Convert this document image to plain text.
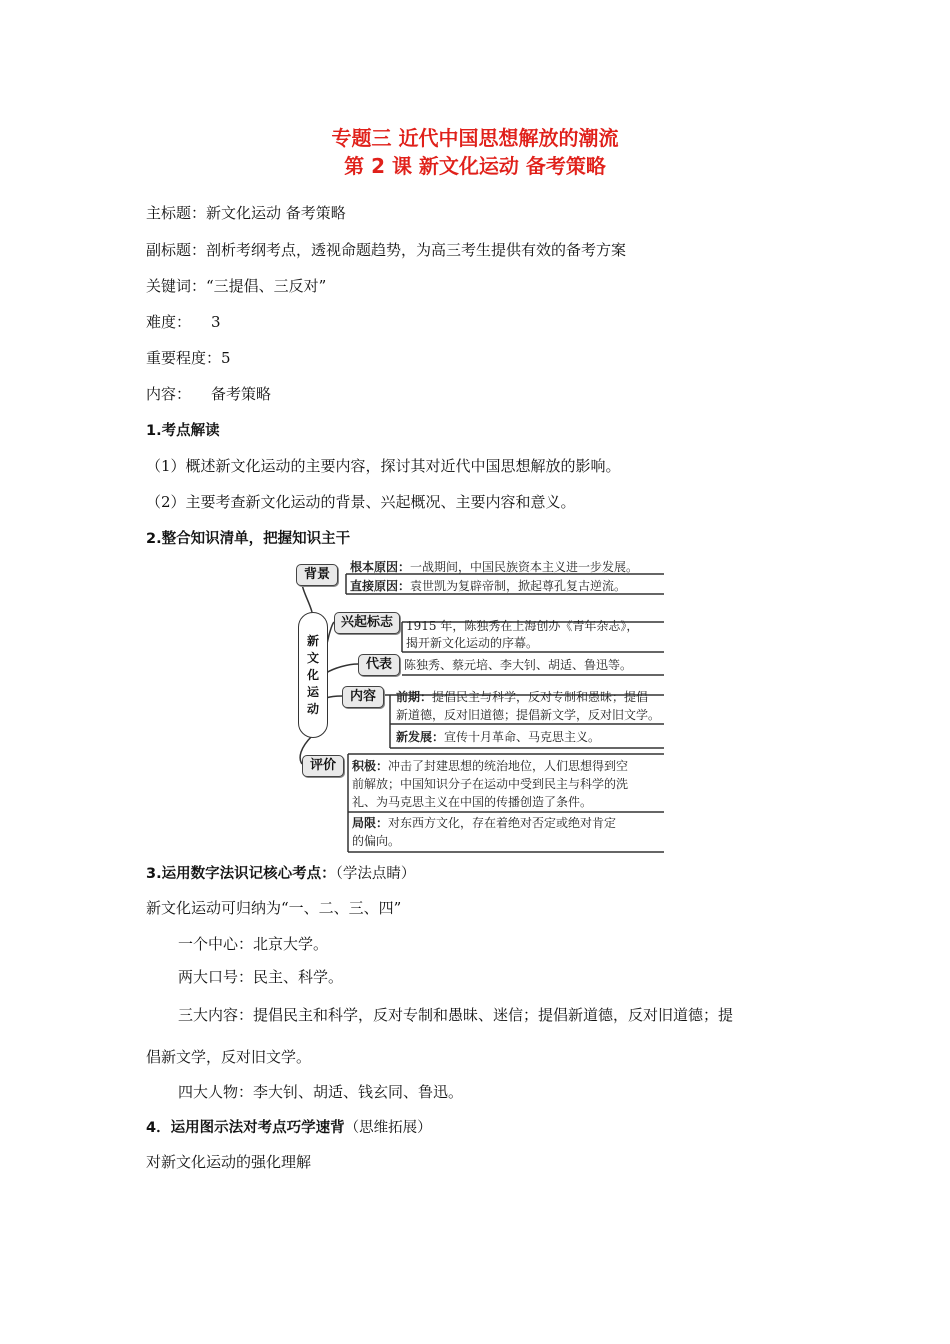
专题三 近代中国思想解放的潮流
第 2 课 新文化运动 备考策略
主标题：新文化运动 备考策略
副标题：剖析考纲考点，透视命题趋势，为高三考生提供有效的备考方案
关键词：“三提倡、三反对”
难度： 3
重要程度：5
内容： 备考策略
1.考点解读
（1）概述新文化运动的主要内容，探讨其对近代中国思想解放的影响。
（2）主要考查新文化运动的背景、兴起概况、主要内容和意义。
2.整合知识清单，把握知识主干
新
文
化
运
动
背景	根本原因：一战期间，中国民族资本主义进一步发展。
直接原因：袁世凯为复辟帝制，掀起尊孔复古逆流。
兴起标志	1915 年，陈独秀在上海创办《青年杂志》，
揭开新文化运动的序幕。
代表	陈独秀、蔡元培、李大钊、胡适、鲁迅等。
内容	前期：提倡民主与科学，反对专制和愚昧；提倡
新道德，反对旧道德；提倡新文学，反对旧文学。
新发展：宣传十月革命、马克思主义。
评价	积极：冲击了封建思想的统治地位，人们思想得到空
前解放；中国知识分子在运动中受到民主与科学的洗
礼、为马克思主义在中国的传播创造了条件。
局限：对东西方文化，存在着绝对否定或绝对肯定
的偏向。
3.运用数字法识记核心考点：（学法点睛）
新文化运动可归纳为“一、二、三、四”
一个中心：北京大学。
两大口号：民主、科学。
三大内容：提倡民主和科学，反对专制和愚昧、迷信；提倡新道德，反对旧道德；提
倡新文学，反对旧文学。
四大人物：李大钊、胡适、钱玄同、鲁迅。
4．运用图示法对考点巧学速背（思维拓展）
对新文化运动的强化理解
